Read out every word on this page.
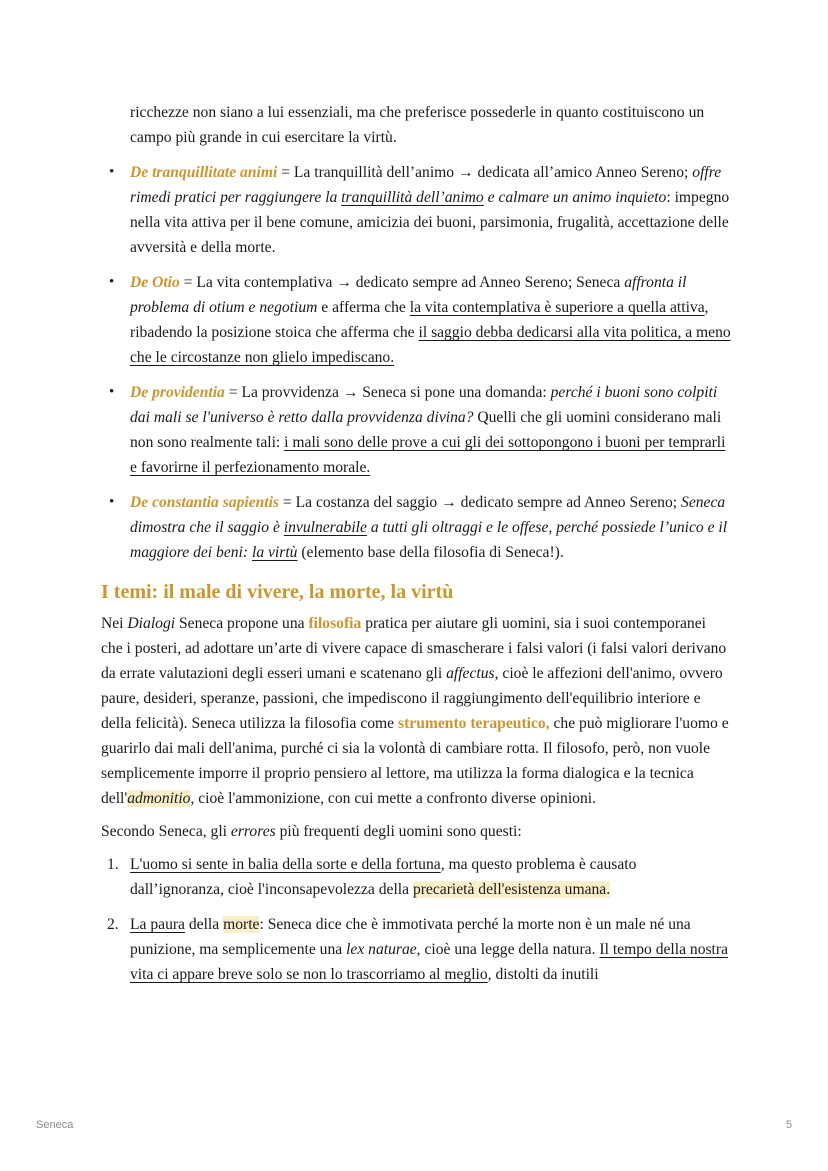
ricchezze non siano a lui essenziali, ma che preferisce possederle in quanto costituiscono un campo più grande in cui esercitare la virtù.

• De tranquillitate animi = La tranquillità dell’animo → dedicata all’amico Anneo Sereno; offre rimedi pratici per raggiungere la tranquillità dell’animo e calmare un animo inquieto: impegno nella vita attiva per il bene comune, amicizia dei buoni, parsimonia, frugalità, accettazione delle avversità e della morte.
• De Otio = La vita contemplativa → dedicato sempre ad Anneo Sereno; Seneca affronta il problema di otium e negotium e afferma che la vita contemplativa è superiore a quella attiva, ribadendo la posizione stoica che afferma che il saggio debba dedicarsi alla vita politica, a meno che le circostanze non glielo impediscano.
• De providentia = La provvidenza → Seneca si pone una domanda: perché i buoni sono colpiti dai mali se l'universo è retto dalla provvidenza divina? Quelli che gli uomini considerano mali non sono realmente tali: i mali sono delle prove a cui gli dei sottopongono i buoni per temprarli e favorirne il perfezionamento morale.
• De constantia sapientis = La costanza del saggio → dedicato sempre ad Anneo Sereno; Seneca dimostra che il saggio è invulnerabile a tutti gli oltraggi e le offese, perché possiede l’unico e il maggiore dei beni: la virtù (elemento base della filosofia di Seneca!).
I temi: il male di vivere, la morte, la virtù

Nei Dialogi Seneca propone una filosofia pratica per aiutare gli uomini, sia i suoi contemporanei che i posteri, ad adottare un’arte di vivere capace di smascherare i falsi valori (i falsi valori derivano da errate valutazioni degli esseri umani e scatenano gli affectus, cioè le affezioni dell'animo, ovvero paure, desideri, speranze, passioni, che impediscono il raggiungimento dell'equilibrio interiore e della felicità). Seneca utilizza la filosofia come strumento terapeutico, che può migliorare l'uomo e guarirlo dai mali dell'anima, purché ci sia la volontà di cambiare rotta. Il filosofo, però, non vuole semplicemente imporre il proprio pensiero al lettore, ma utilizza la forma dialogica e la tecnica dell'admonitio, cioè l'ammonizione, con cui mette a confronto diverse opinioni.

Secondo Seneca, gli errores più frequenti degli uomini sono questi:

1. L'uomo si sente in balia della sorte e della fortuna, ma questo problema è causato dall’ignoranza, cioè l'inconsapevolezza della precarietà dell'esistenza umana.
2. La paura della morte: Seneca dice che è immotivata perché la morte non è un male né una punizione, ma semplicemente una lex naturae, cioè una legge della natura. Il tempo della nostra vita ci appare breve solo se non lo trascorriamo al meglio, distolti da inutili
Seneca	5
